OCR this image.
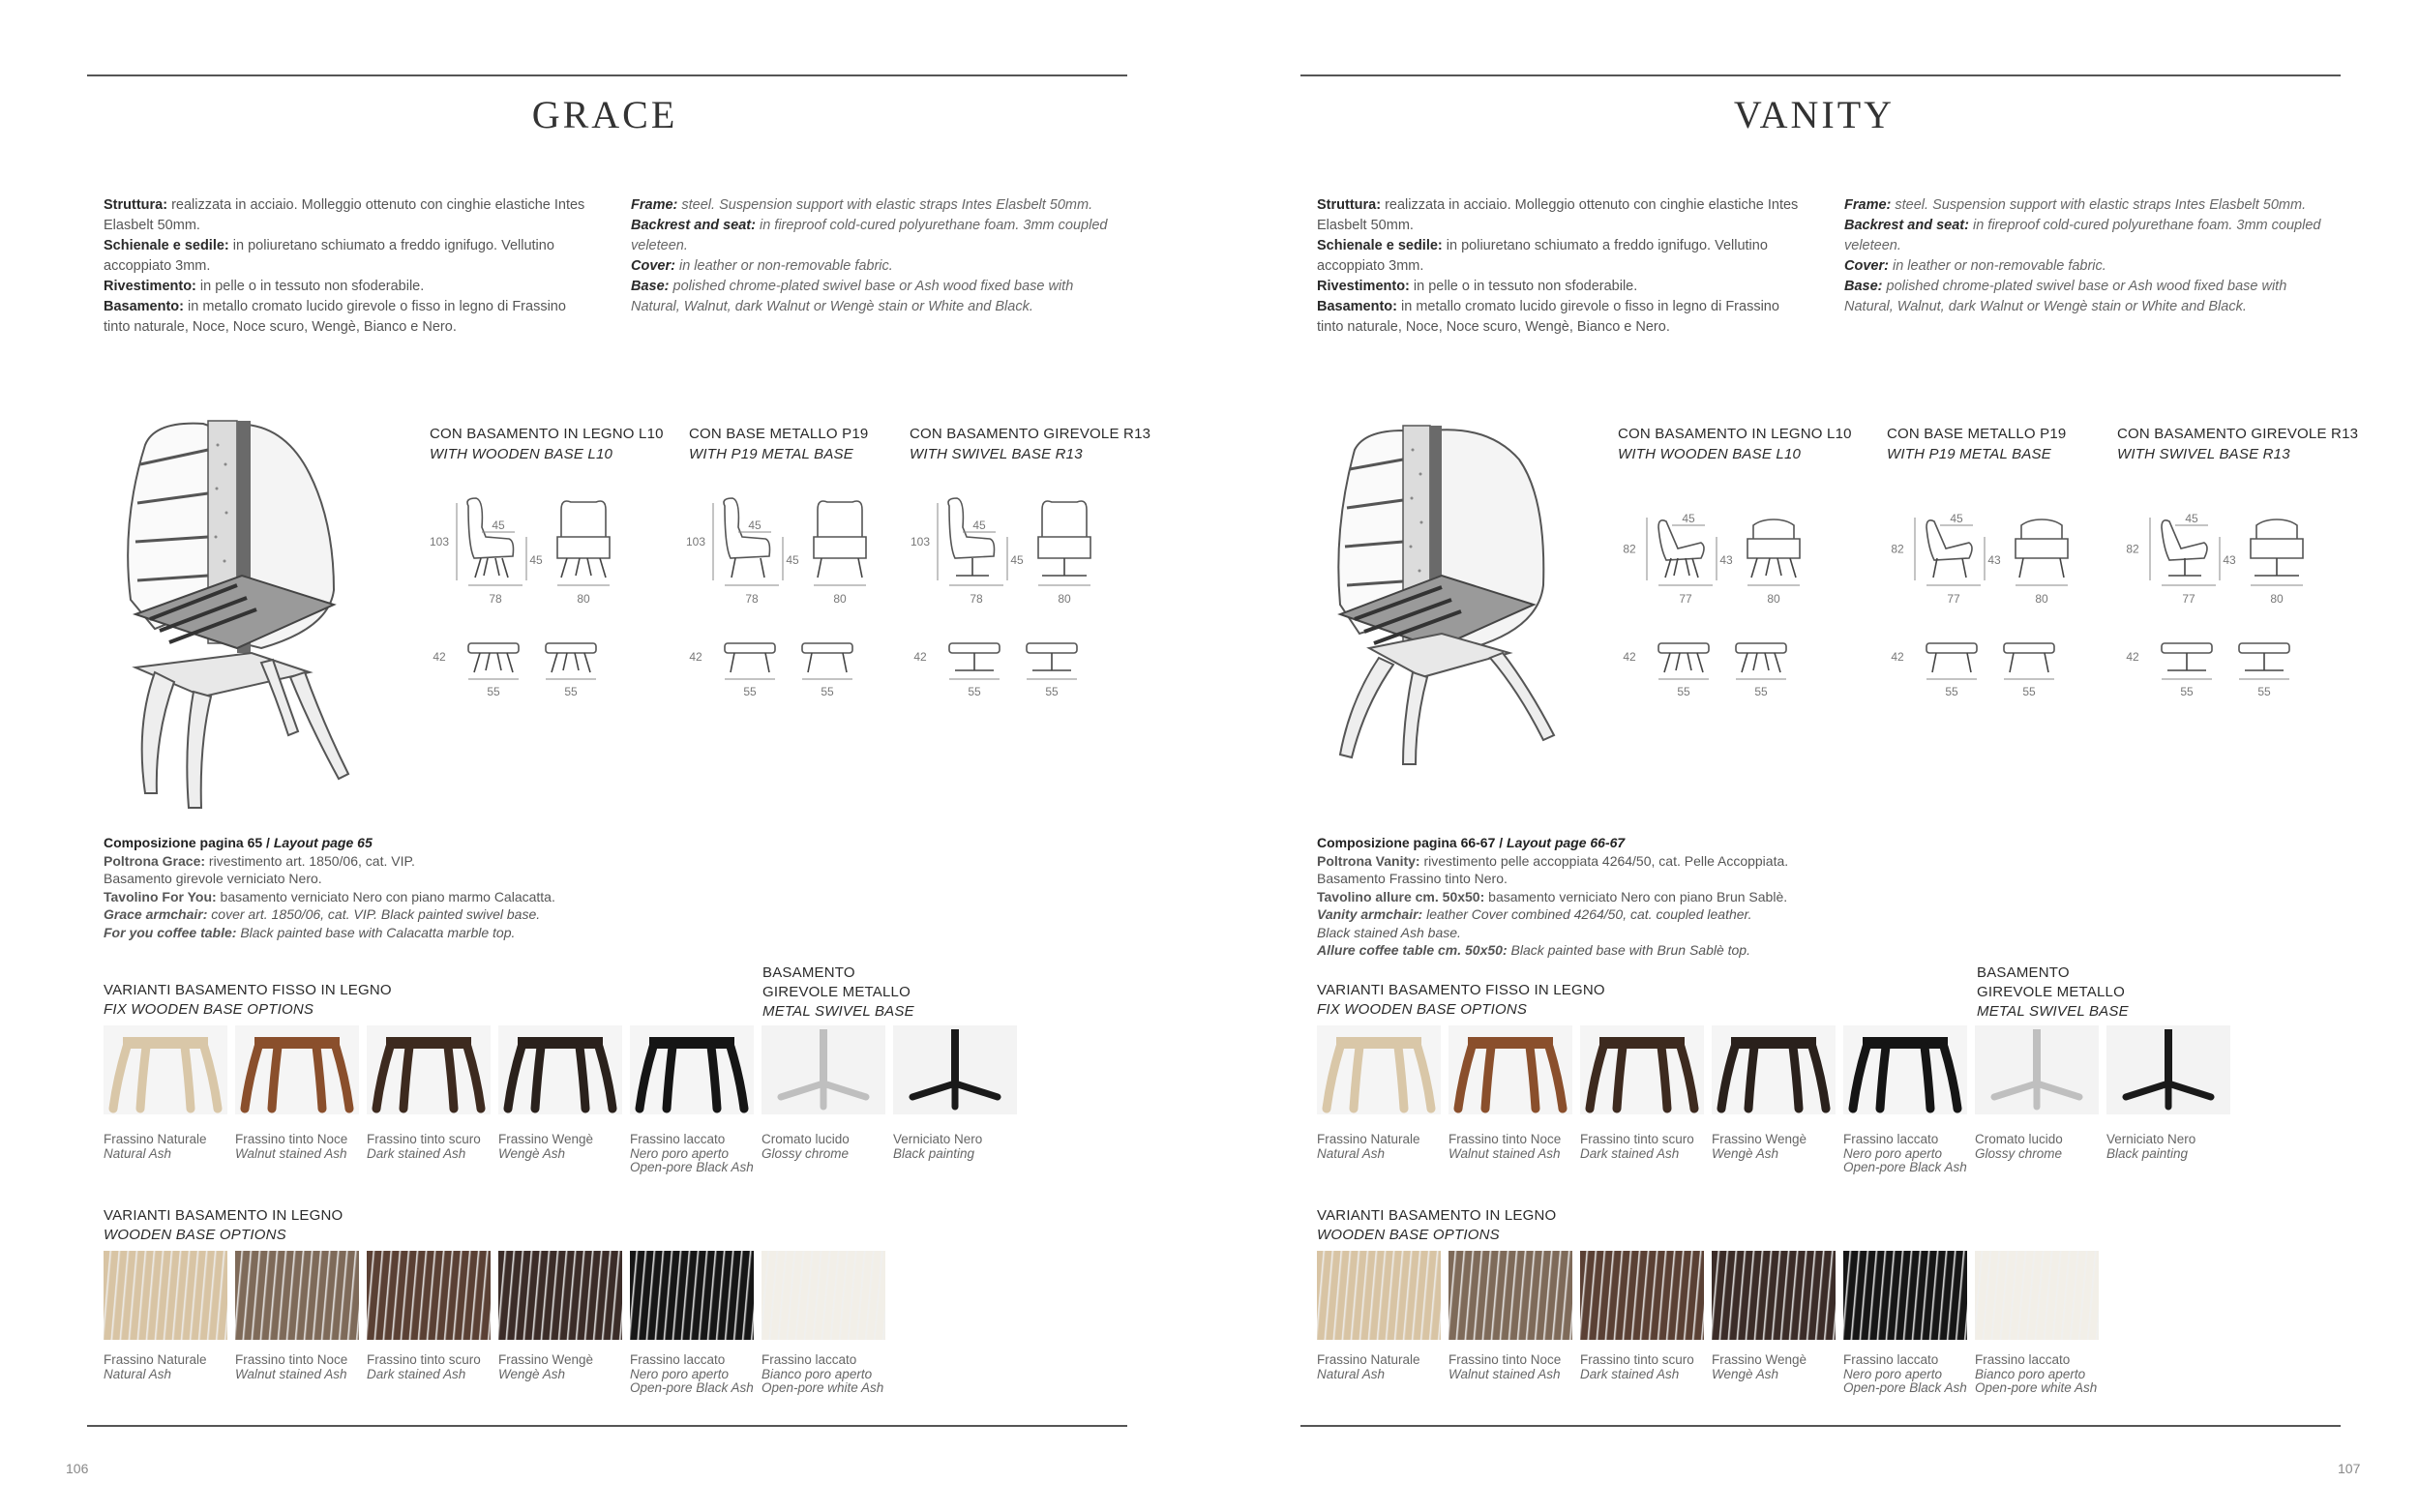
GRACE
Struttura: realizzata in acciaio. Molleggio ottenuto con cinghie elastiche Intes Elasbelt 50mm.
Schienale e sedile: in poliuretano schiumato a freddo ignifugo. Vellutino accoppiato 3mm.
Rivestimento: in pelle o in tessuto non sfoderabile.
Basamento: in metallo cromato lucido girevole o fisso in legno di Frassino tinto naturale, Noce, Noce scuro, Wengè, Bianco e Nero.
Frame: steel. Suspension support with elastic straps Intes Elasbelt 50mm.
Backrest and seat: in fireproof cold-cured polyurethane foam. 3mm coupled veleteen.
Cover: in leather or non-removable fabric.
Base: polished chrome-plated swivel base or Ash wood fixed base with Natural, Walnut, dark Walnut or Wengè stain or White and Black.
CON BASAMENTO IN LEGNO L10
WITH WOODEN BASE L10
CON BASE METALLO P19
WITH P19 METAL BASE
CON BASAMENTO GIREVOLE R13
WITH SWIVEL BASE R13
103
45
45
78	80
42
55	55
103
45
45
78	80
42
55	55
103
45
45
78	80
42
55	55
Composizione pagina 65 / Layout page 65
Poltrona Grace: rivestimento art. 1850/06, cat. VIP.
Basamento girevole verniciato Nero.
Tavolino For You: basamento verniciato Nero con piano marmo Calacatta.
Grace armchair: cover art. 1850/06, cat. VIP. Black painted swivel base.
For you coffee table: Black painted base with Calacatta marble top.
VARIANTI BASAMENTO FISSO IN LEGNO
FIX WOODEN BASE OPTIONS
BASAMENTO
GIREVOLE METALLO
METAL SWIVEL BASE
Frassino Naturale
Natural Ash
Frassino tinto Noce
Walnut stained Ash
Frassino tinto scuro
Dark stained Ash
Frassino Wengè
Wengè Ash
Frassino laccato
Nero poro aperto
Open-pore Black Ash
Cromato lucido
Glossy chrome
Verniciato Nero
Black painting
VARIANTI BASAMENTO IN LEGNO
WOODEN BASE OPTIONS
Frassino Naturale
Natural Ash
Frassino tinto Noce
Walnut stained Ash
Frassino tinto scuro
Dark stained Ash
Frassino Wengè
Wengè Ash
Frassino laccato
Nero poro aperto
Open-pore Black Ash
Frassino laccato
Bianco poro aperto
Open-pore white Ash
106
VANITY
Struttura: realizzata in acciaio. Molleggio ottenuto con cinghie elastiche Intes Elasbelt 50mm.
Schienale e sedile: in poliuretano schiumato a freddo ignifugo. Vellutino accoppiato 3mm.
Rivestimento: in pelle o in tessuto non sfoderabile.
Basamento: in metallo cromato lucido girevole o fisso in legno di Frassino tinto naturale, Noce, Noce scuro, Wengè, Bianco e Nero.
Frame: steel. Suspension support with elastic straps Intes Elasbelt 50mm.
Backrest and seat: in fireproof cold-cured polyurethane foam. 3mm coupled veleteen.
Cover: in leather or non-removable fabric.
Base: polished chrome-plated swivel base or Ash wood fixed base with Natural, Walnut, dark Walnut or Wengè stain or White and Black.
CON BASAMENTO IN LEGNO L10
WITH WOODEN BASE L10
CON BASE METALLO P19
WITH P19 METAL BASE
CON BASAMENTO GIREVOLE R13
WITH SWIVEL BASE R13
82
45
43
77	80
42
55	55
82
45
43
77	80
42
55	55
82
45
43
77	80
42
55	55
Composizione pagina 66-67 / Layout page 66-67
Poltrona Vanity: rivestimento pelle accoppiata 4264/50, cat. Pelle Accoppiata.
Basamento Frassino tinto Nero.
Tavolino allure cm. 50x50: basamento verniciato Nero con piano Brun Sablè.
Vanity armchair: leather Cover combined 4264/50, cat. coupled leather.
Black stained Ash base.
Allure coffee table cm. 50x50: Black painted base with Brun Sablè top.
VARIANTI BASAMENTO FISSO IN LEGNO
FIX WOODEN BASE OPTIONS
BASAMENTO
GIREVOLE METALLO
METAL SWIVEL BASE
Frassino Naturale
Natural Ash
Frassino tinto Noce
Walnut stained Ash
Frassino tinto scuro
Dark stained Ash
Frassino Wengè
Wengè Ash
Frassino laccato
Nero poro aperto
Open-pore Black Ash
Cromato lucido
Glossy chrome
Verniciato Nero
Black painting
VARIANTI BASAMENTO IN LEGNO
WOODEN BASE OPTIONS
Frassino Naturale
Natural Ash
Frassino tinto Noce
Walnut stained Ash
Frassino tinto scuro
Dark stained Ash
Frassino Wengè
Wengè Ash
Frassino laccato
Nero poro aperto
Open-pore Black Ash
Frassino laccato
Bianco poro aperto
Open-pore white Ash
107
